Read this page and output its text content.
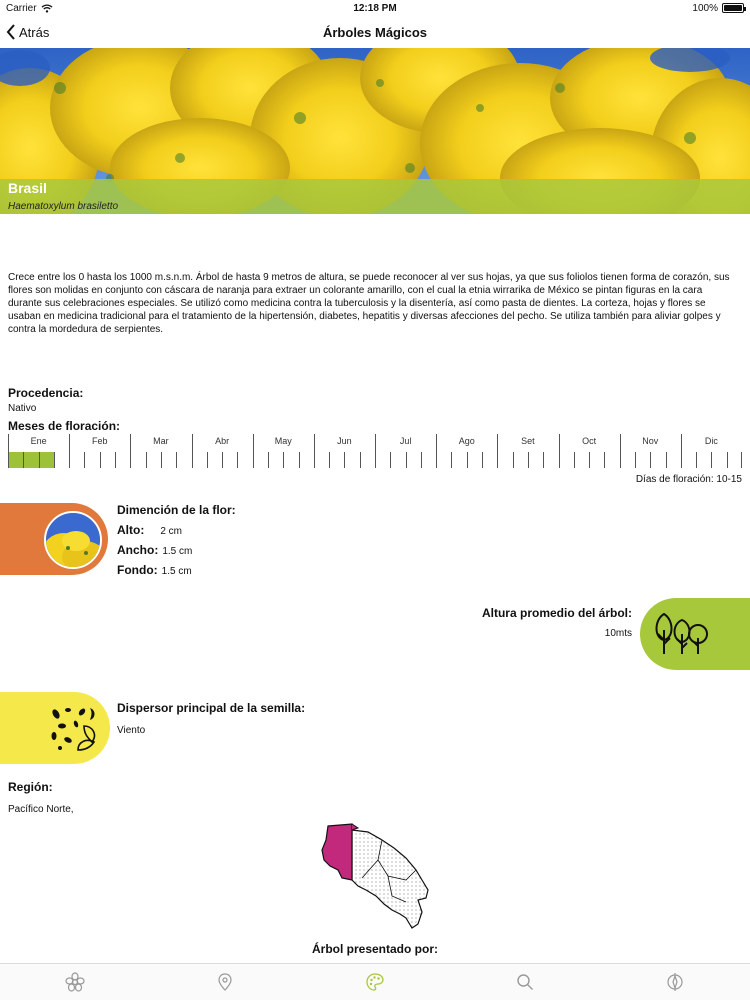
Carrier	12:18 PM	100%
Atrás	Árboles Mágicos
Brasil
Haematoxylum brasiletto
Crece entre los 0 hasta los 1000 m.s.n.m. Árbol de hasta 9 metros de altura, se puede reconocer al ver sus hojas, ya que sus foliolos tienen forma de corazón, sus flores son molidas en conjunto con cáscara de naranja para extraer un colorante amarillo, con el cual la etnia wirrarika de México se pintan figuras en la cara durante sus celebraciones especiales. Se utilizó como medicina contra la tuberculosis y la disentería, así como pasta de dientes. La corteza, hojas y flores se usaban en medicina tradicional para el tratamiento de la hipertensión, diabetes, hepatitis y diversas afecciones del pecho. Se utiliza también para aliviar golpes y contra la mordedura de serpientes.
Procedencia:
Nativo
Meses de floración:
Ene	Feb	Mar	Abr	May	Jun	Jul	Ago	Set	Oct	Nov	Dic
Días de floración: 10-15
Dimención de la flor:
Alto: 2 cm
Ancho: 1.5 cm
Fondo: 1.5 cm
Altura promedio del árbol:
10mts
Dispersor principal de la semilla:
Viento
Región:
Pacífico Norte,
Árbol presentado por:
